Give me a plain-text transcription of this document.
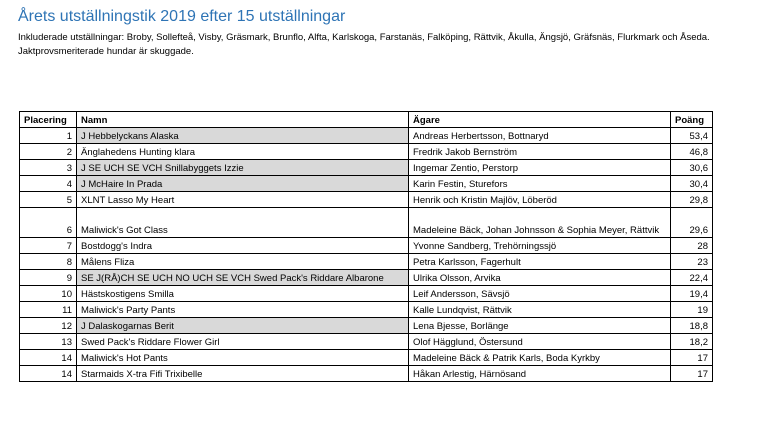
Årets utställningstik 2019 efter 15 utställningar

Inkluderade utställningar: Broby, Sollefteå, Visby, Gräsmark, Brunflo, Alfta, Karlskoga, Farstanäs, Falköping, Rättvik, Åkulla, Ängsjö, Gräfsnäs, Flurkmark och Åseda.

Jaktprovsmeriterade hundar är skuggade.

Placering	Namn	Ägare	Poäng
1	J Hebbelyckans Alaska	Andreas Herbertsson, Bottnaryd	53,4
2	Änglahedens Hunting klara	Fredrik Jakob Bernström	46,8
3	J SE UCH SE VCH Snillabyggets Izzie	Ingemar Zentio, Perstorp	30,6
4	J McHaire In Prada	Karin Festin, Sturefors	30,4
5	XLNT Lasso My Heart	Henrik och Kristin Majlöv, Löberöd	29,8
6	Maliwick's Got Class	Madeleine Bäck, Johan Johnsson & Sophia Meyer, Rättvik	29,6
7	Bostdogg's Indra	Yvonne Sandberg, Trehörningssjö	28
8	Målens Fliza	Petra Karlsson, Fagerhult	23
9	SE J(RÅ)CH SE UCH NO UCH SE VCH Swed Pack's Riddare Albarone	Ulrika Olsson, Arvika	22,4
10	Hästskostigens Smilla	Leif Andersson, Sävsjö	19,4
11	Maliwick's Party Pants	Kalle Lundqvist, Rättvik	19
12	J Dalaskogarnas Berit	Lena Bjesse, Borlänge	18,8
13	Swed Pack's Riddare Flower Girl	Olof Hägglund, Östersund	18,2
14	Maliwick's Hot Pants	Madeleine Bäck & Patrik Karls, Boda Kyrkby	17
14	Starmaids X-tra Fifi Trixibelle	Håkan Arlestig, Härnösand	17
